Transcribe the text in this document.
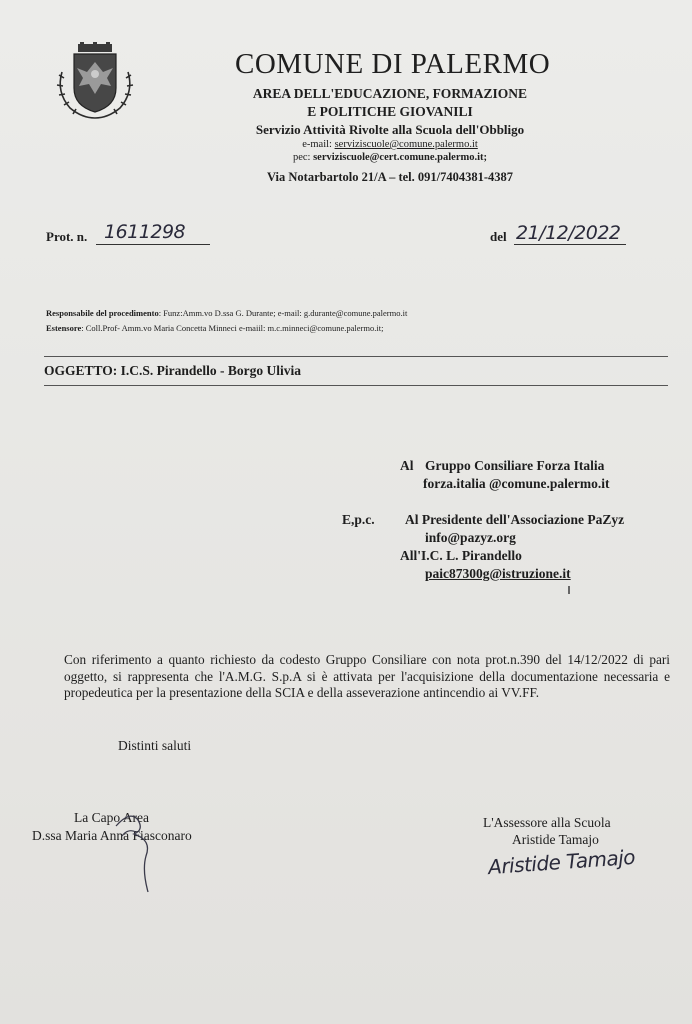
COMUNE DI PALERMO
AREA DELL'EDUCAZIONE, FORMAZIONE
E POLITICHE GIOVANILI
Servizio Attività Rivolte alla Scuola dell'Obbligo
e-mail: serviziscuole@comune.palermo.it
pec: serviziscuole@cert.comune.palermo.it;
Via Notarbartolo 21/A – tel. 091/7404381-4387
Prot. n. 1611298	del 21/12/2022
Responsabile del procedimento: Funz:Amm.vo D.ssa G. Durante; e-mail: g.durante@comune.palermo.it
Estensore: Coll.Prof- Amm.vo Maria Concetta Minneci e-maiil: m.c.minneci@comune.palermo.it;
OGGETTO: I.C.S. Pirandello - Borgo Ulivia
Al Gruppo Consiliare Forza Italia
forza.italia @comune.palermo.it
E,p.c. Al Presidente dell'Associazione PaZyz
info@pazyz.org
All'I.C. L. Pirandello
paic87300g@istruzione.it

Con riferimento a quanto richiesto da codesto Gruppo Consiliare con nota prot.n.390 del 14/12/2022 di pari oggetto, si rappresenta che l'A.M.G. S.p.A si è attivata per l'acquisizione della documentazione necessaria e propedeutica per la presentazione della SCIA e della asseverazione antincendio ai VV.FF.

Distinti saluti
La Capo Area
D.ssa Maria Anna Fiasconaro
L'Assessore alla Scuola
Aristide Tamajo
Aristide Tamajo
